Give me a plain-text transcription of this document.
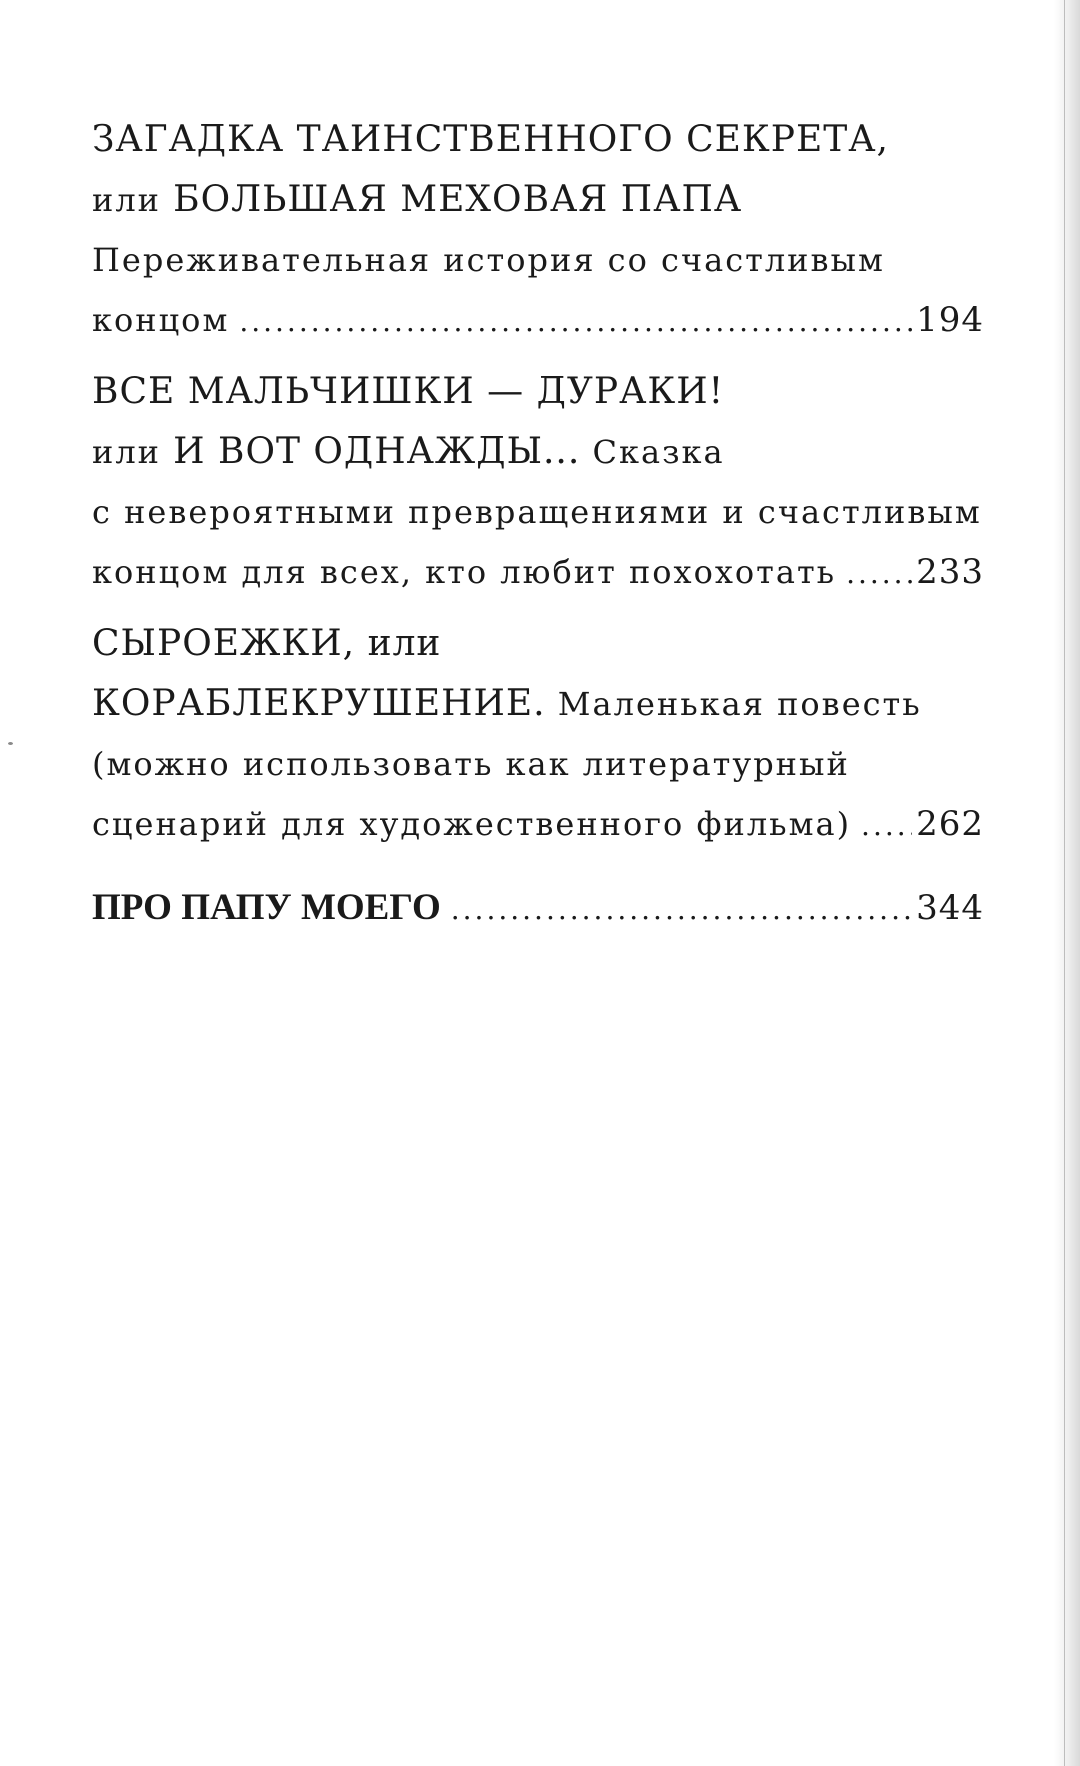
ЗАГАДКА ТАИНСТВЕННОГО СЕКРЕТА,
или БОЛЬШАЯ МЕХОВАЯ ПАПА
Переживательная история со счастливым
концом .....	194
ВСЕ МАЛЬЧИШКИ — ДУРАКИ!
или И ВОТ ОДНАЖДЫ... Сказка
с невероятными превращениями и счастливым
концом для всех, кто любит похохотать ..... 233
СЫРОЕЖКИ, или
КОРАБЛЕКРУШЕНИЕ. Маленькая повесть
(можно использовать как литературный
сценарий для художественного фильма) ..... 262
ПРО ПАПУ МОЕГО .....	344
